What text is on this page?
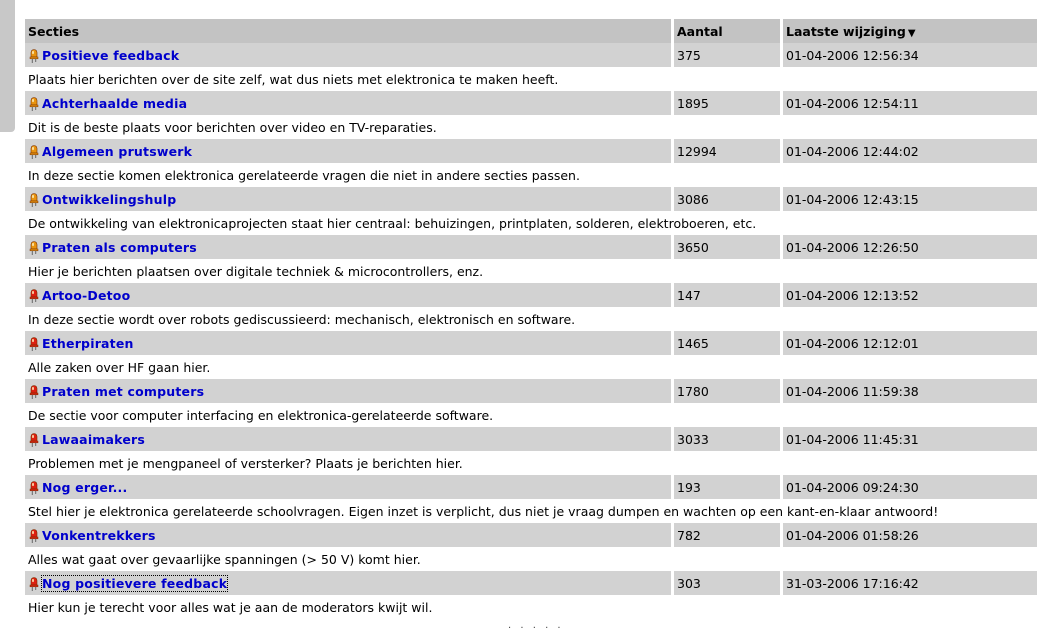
Secties	Aantal	Laatste wijziging ▼
Positieve feedback	375	01-04-2006 12:56:34
Plaats hier berichten over de site zelf, wat dus niets met elektronica te maken heeft.		
Achterhaalde media	1895	01-04-2006 12:54:11
Dit is de beste plaats voor berichten over video en TV-reparaties.		
Algemeen prutswerk	12994	01-04-2006 12:44:02
In deze sectie komen elektronica gerelateerde vragen die niet in andere secties passen.		
Ontwikkelingshulp	3086	01-04-2006 12:43:15
De ontwikkeling van elektronicaprojecten staat hier centraal: behuizingen, printplaten, solderen, elektroboeren, etc.		
Praten als computers	3650	01-04-2006 12:26:50
Hier je berichten plaatsen over digitale techniek & microcontrollers, enz.		
Artoo-Detoo	147	01-04-2006 12:13:52
In deze sectie wordt over robots gediscussieerd: mechanisch, elektronisch en software.		
Etherpiraten	1465	01-04-2006 12:12:01
Alle zaken over HF gaan hier.		
Praten met computers	1780	01-04-2006 11:59:38
De sectie voor computer interfacing en elektronica-gerelateerde software.		
Lawaaimakers	3033	01-04-2006 11:45:31
Problemen met je mengpaneel of versterker? Plaats je berichten hier.		
Nog erger...	193	01-04-2006 09:24:30
Stel hier je elektronica gerelateerde schoolvragen. Eigen inzet is verplicht, dus niet je vraag dumpen en wachten op een kant-en-klaar antwoord!		
Vonkentrekkers	782	01-04-2006 01:58:26
Alles wat gaat over gevaarlijke spanningen (> 50 V) komt hier.		
Nog positievere feedback	303	31-03-2006 17:16:42
Hier kun je terecht voor alles wat je aan de moderators kwijt wil.		
. . . . .
